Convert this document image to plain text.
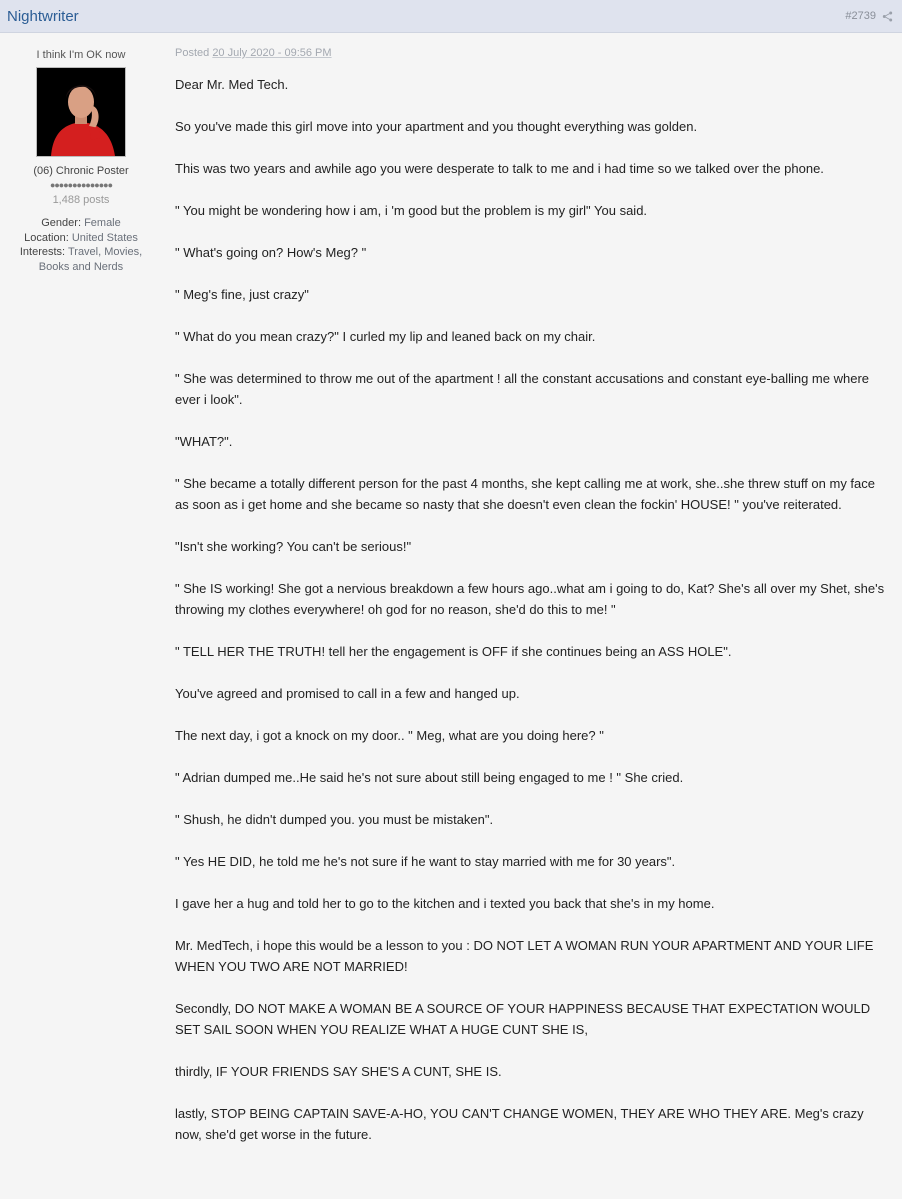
Nightwriter	#2739
I think I'm OK now
(06) Chronic Poster
●●●●●●●●●●●●●●
1,488 posts
Gender: Female
Location: United States
Interests: Travel, Movies,
Books and Nerds
Posted 20 July 2020 - 09:56 PM

Dear Mr. Med Tech.

So you've made this girl move into your apartment and you thought everything was golden.

This was two years and awhile ago you were desperate to talk to me and i had time so we talked over the phone.

" You might be wondering how i am, i 'm good but the problem is my girl" You said.

" What's going on? How's Meg? "

" Meg's fine, just crazy"

" What do you mean crazy?" I curled my lip and leaned back on my chair.

" She was determined to throw me out of the apartment ! all the constant accusations and constant eye-balling me where ever i look".

"WHAT?".

" She became a totally different person for the past 4 months, she kept calling me at work, she..she threw stuff on my face as soon as i get home and she became so nasty that she doesn't even clean the fockin' HOUSE! " you've reiterated.

"Isn't she working? You can't be serious!"

" She IS working! She got a nervious breakdown a few hours ago..what am i going to do, Kat? She's all over my Shet, she's throwing my clothes everywhere! oh god for no reason, she'd do this to me! "

" TELL HER THE TRUTH! tell her the engagement is OFF if she continues being an ASS HOLE".

You've agreed and promised to call in a few and hanged up.

The next day, i got a knock on my door.. " Meg, what are you doing here? "

" Adrian dumped me..He said he's not sure about still being engaged to me ! " She cried.

" Shush, he didn't dumped you. you must be mistaken".

" Yes HE DID, he told me he's not sure if he want to stay married with me for 30 years".

I gave her a hug and told her to go to the kitchen and i texted you back that she's in my home.

Mr. MedTech, i hope this would be a lesson to you : DO NOT LET A WOMAN RUN YOUR APARTMENT AND YOUR LIFE WHEN YOU TWO ARE NOT MARRIED!

Secondly, DO NOT MAKE A WOMAN BE A SOURCE OF YOUR HAPPINESS BECAUSE THAT EXPECTATION WOULD SET SAIL SOON WHEN YOU REALIZE WHAT A HUGE CUNT SHE IS,

thirdly, IF YOUR FRIENDS SAY SHE'S A CUNT, SHE IS.

lastly, STOP BEING CAPTAIN SAVE-A-HO, YOU CAN'T CHANGE WOMEN, THEY ARE WHO THEY ARE. Meg's crazy now, she'd get worse in the future.
